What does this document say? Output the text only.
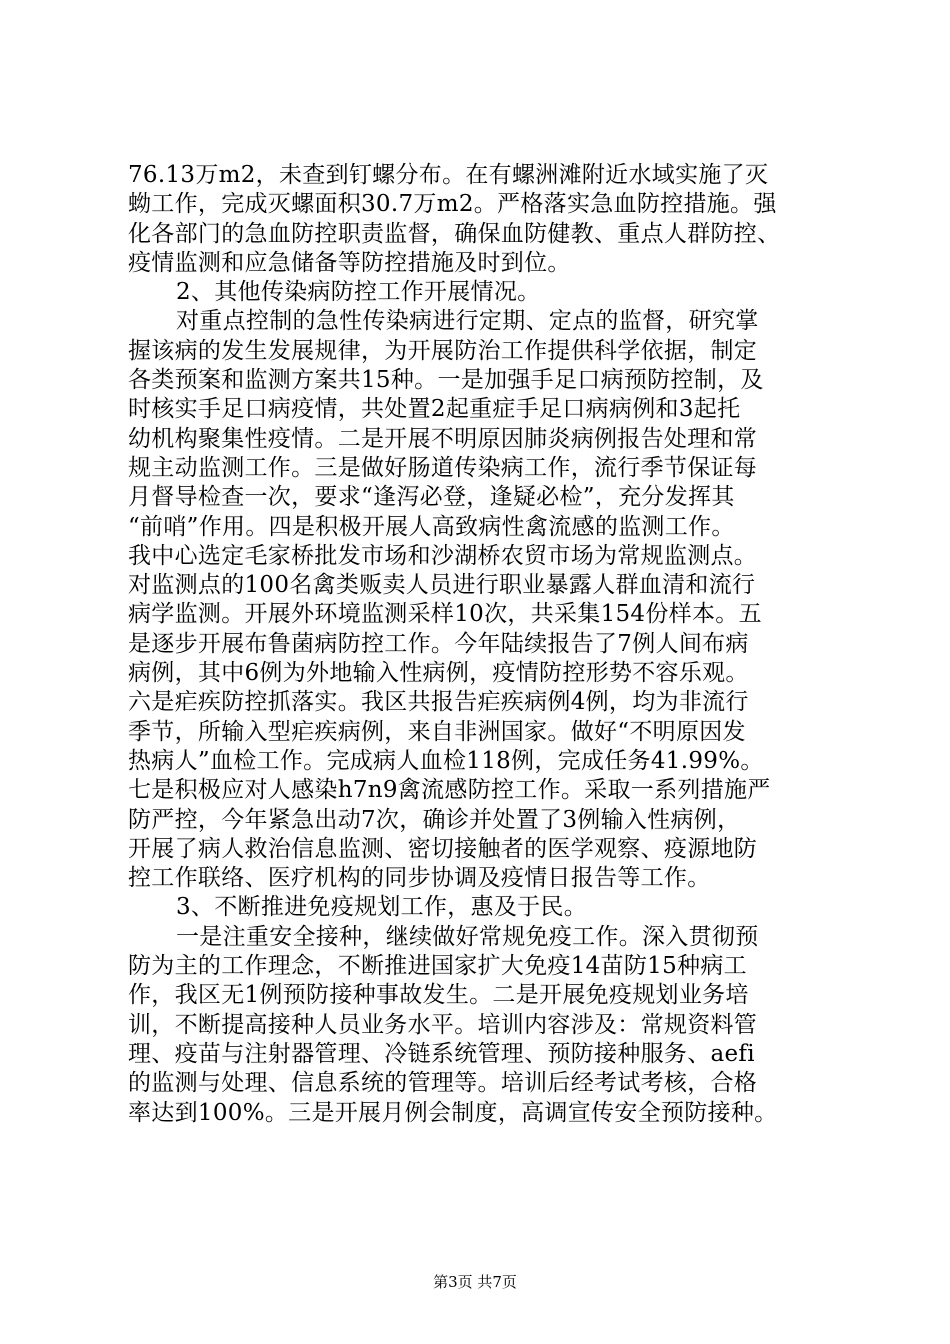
76.13万m2，未查到钉螺分布。在有螺洲滩附近水域实施了灭
蚴工作，完成灭螺面积30.7万m2。严格落实急血防控措施。强
化各部门的急血防控职责监督，确保血防健教、重点人群防控、
疫情监测和应急储备等防控措施及时到位。
2、其他传染病防控工作开展情况。
对重点控制的急性传染病进行定期、定点的监督，研究掌
握该病的发生发展规律，为开展防治工作提供科学依据，制定
各类预案和监测方案共15种。一是加强手足口病预防控制，及
时核实手足口病疫情，共处置2起重症手足口病病例和3起托
幼机构聚集性疫情。二是开展不明原因肺炎病例报告处理和常
规主动监测工作。三是做好肠道传染病工作，流行季节保证每
月督导检查一次，要求“逢泻必登，逢疑必检”，充分发挥其
“前哨”作用。四是积极开展人高致病性禽流感的监测工作。
我中心选定毛家桥批发市场和沙湖桥农贸市场为常规监测点。
对监测点的100名禽类贩卖人员进行职业暴露人群血清和流行
病学监测。开展外环境监测采样10次，共采集154份样本。五
是逐步开展布鲁菌病防控工作。今年陆续报告了7例人间布病
病例，其中6例为外地输入性病例，疫情防控形势不容乐观。
六是疟疾防控抓落实。我区共报告疟疾病例4例，均为非流行
季节，所输入型疟疾病例，来自非洲国家。做好“不明原因发
热病人”血检工作。完成病人血检118例，完成任务41.99%。
七是积极应对人感染h7n9禽流感防控工作。采取一系列措施严
防严控，今年紧急出动7次，确诊并处置了3例输入性病例，
开展了病人救治信息监测、密切接触者的医学观察、疫源地防
控工作联络、医疗机构的同步协调及疫情日报告等工作。
3、不断推进免疫规划工作，惠及于民。
一是注重安全接种，继续做好常规免疫工作。深入贯彻预
防为主的工作理念，不断推进国家扩大免疫14苗防15种病工
作，我区无1例预防接种事故发生。二是开展免疫规划业务培
训，不断提高接种人员业务水平。培训内容涉及：常规资料管
理、疫苗与注射器管理、冷链系统管理、预防接种服务、aefi
的监测与处理、信息系统的管理等。培训后经考试考核，合格
率达到100%。三是开展月例会制度，高调宣传安全预防接种。
第3页 共7页
